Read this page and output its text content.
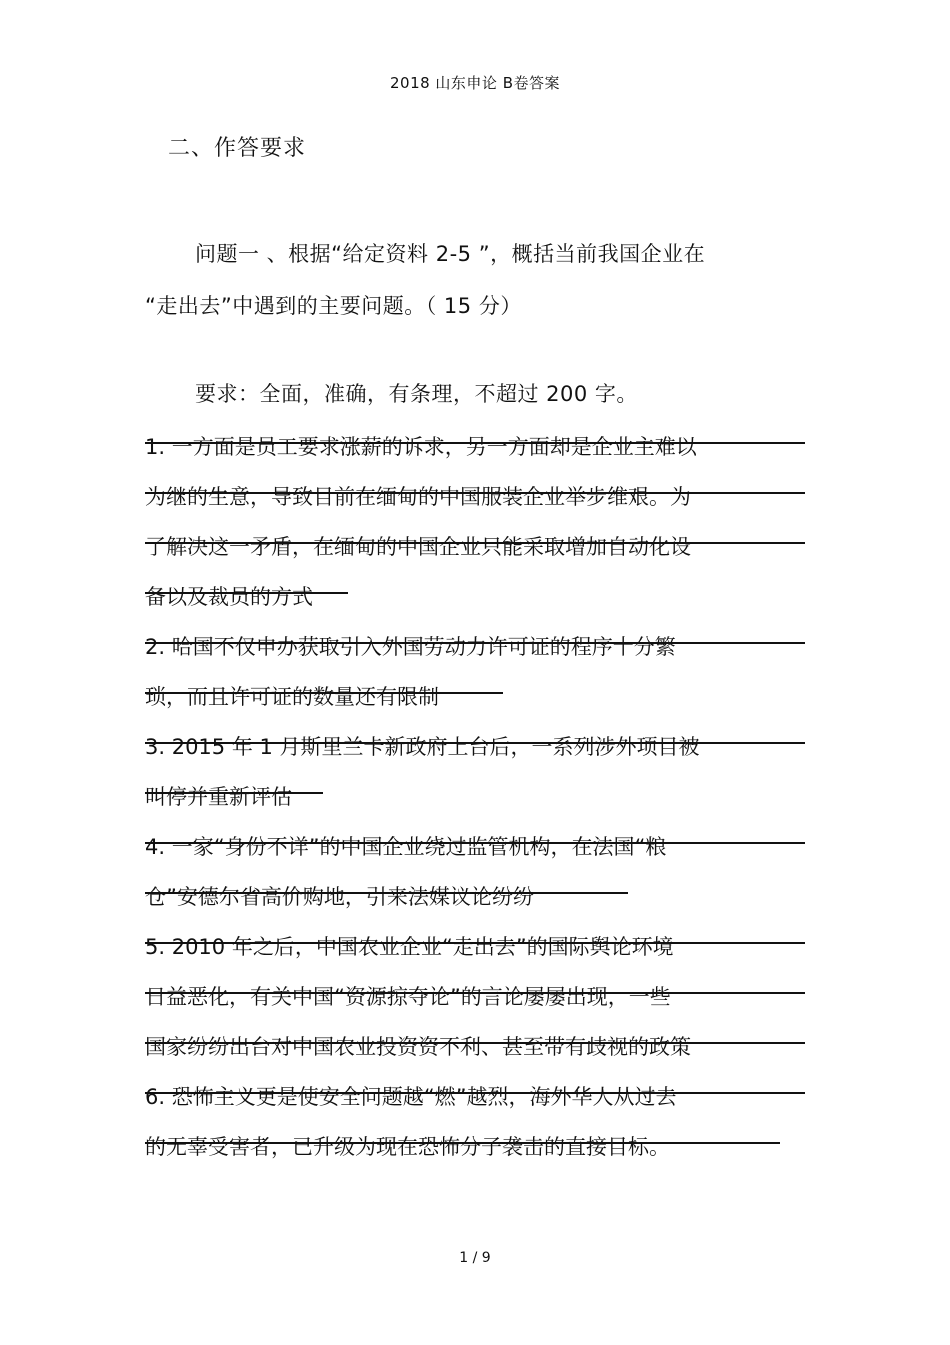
2018 山东申论 B卷答案
二、作答要求
问题一 、根据“给定资料 2-5 ”，概括当前我国企业在
“走出去”中遇到的主要问题。（ 15 分）
要求：全面，准确，有条理，不超过 200 字。
1. 一方面是员工要求涨薪的诉求，另一方面却是企业主难以
为继的生意，导致目前在缅甸的中国服装企业举步维艰。为
了解决这一矛盾，在缅甸的中国企业只能采取增加自动化设
备以及裁员的方式
2. 哈国不仅申办获取引入外国劳动力许可证的程序十分繁
琐，而且许可证的数量还有限制
3. 2015 年 1 月斯里兰卡新政府上台后，一系列涉外项目被
叫停并重新评估
4. 一家“身份不详”的中国企业绕过监管机构，在法国“粮
仓”安德尔省高价购地，引来法媒议论纷纷
5. 2010 年之后，中国农业企业“走出去”的国际舆论环境
日益恶化，有关中国“资源掠夺论”的言论屡屡出现，一些
国家纷纷出台对中国农业投资资不利、甚至带有歧视的政策
6. 恐怖主义更是使安全问题越“燃”越烈，海外华人从过去
的无辜受害者，已升级为现在恐怖分子袭击的直接目标。
1 / 9
